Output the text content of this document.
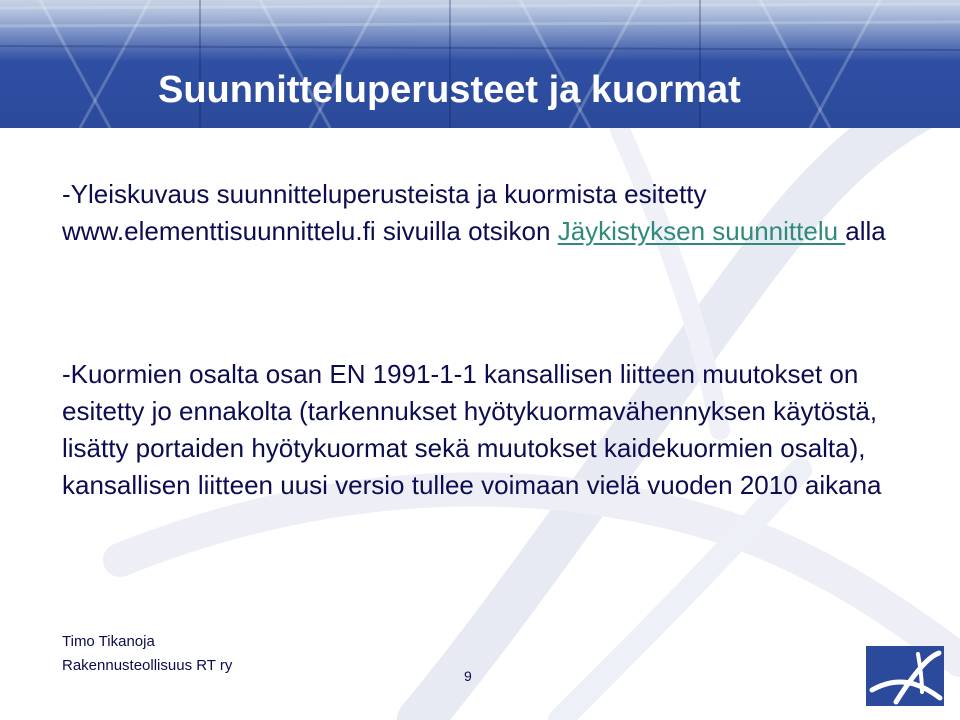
Suunnitteluperusteet ja kuormat

-Yleiskuvaus suunnitteluperusteista ja kuormista esitetty www.elementtisuunnittelu.fi sivuilla otsikon Jäykistyksen suunnittelu alla

-Kuormien osalta osan EN 1991-1-1 kansallisen liitteen muutokset on esitetty jo ennakolta (tarkennukset hyötykuormavähennyksen käytöstä, lisätty portaiden hyötykuormat sekä muutokset kaidekuormien osalta), kansallisen liitteen uusi versio tullee voimaan vielä vuoden 2010 aikana

Timo Tikanoja

Rakennusteollisuus RT ry

9
